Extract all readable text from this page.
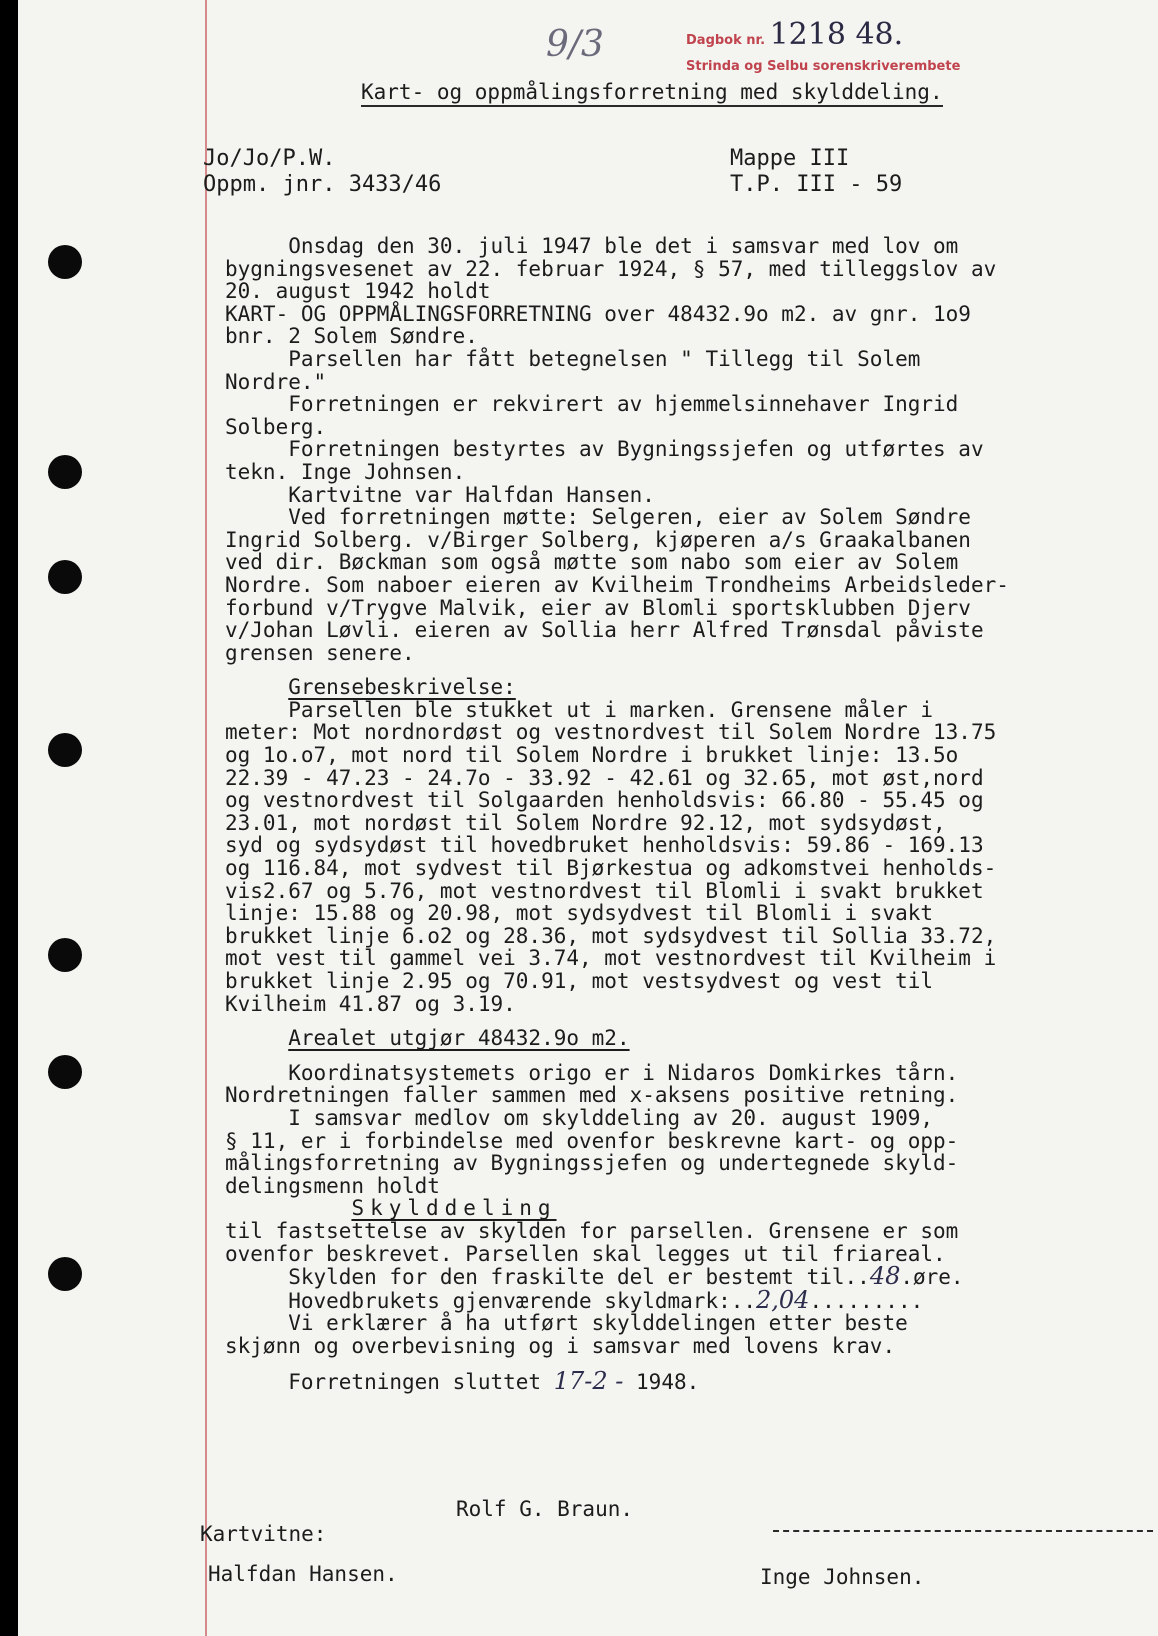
9/3	Dagbok nr. 1218 48.
Strinda og Selbu sorenskriverembete
Kart- og oppmålingsforretning med skylddeling.
Jo/Jo/P.W.
Oppm. jnr. 3433/46
Mappe III
T.P. III - 59

Onsdag den 30. juli 1947 ble det i samsvar med lov om
bygningsvesenet av 22. februar 1924, § 57, med tilleggslov av
20. august 1942 holdt
KART- OG OPPMÅLINGSFORRETNING over 48432.9o m2. av gnr. 1o9
bnr. 2 Solem Søndre.

Parsellen har fått betegnelsen " Tillegg til Solem
Nordre."

Forretningen er rekvirert av hjemmelsinnehaver Ingrid
Solberg.

Forretningen bestyrtes av Bygningssjefen og utførtes av
tekn. Inge Johnsen.

Kartvitne var Halfdan Hansen.

Ved forretningen møtte: Selgeren, eier av Solem Søndre
Ingrid Solberg. v/Birger Solberg, kjøperen a/s Graakalbanen
ved dir. Bøckman som også møtte som nabo som eier av Solem
Nordre. Som naboer eieren av Kvilheim Trondheims Arbeidsleder-
forbund v/Trygve Malvik, eier av Blomli sportsklubben Djerv
v/Johan Løvli. eieren av Sollia herr Alfred Trønsdal påviste
grensen senere.

Grensebeskrivelse:

Parsellen ble stukket ut i marken. Grensene måler i
meter: Mot nordnordøst og vestnordvest til Solem Nordre 13.75
og 1o.o7, mot nord til Solem Nordre i brukket linje: 13.5o
22.39 - 47.23 - 24.7o - 33.92 - 42.61 og 32.65, mot øst,nord
og vestnordvest til Solgaarden henholdsvis: 66.80 - 55.45 og
23.01, mot nordøst til Solem Nordre 92.12, mot sydsydøst,
syd og sydsydøst til hovedbruket henholdsvis: 59.86 - 169.13
og 116.84, mot sydvest til Bjørkestua og adkomstvei henholds-
vis2.67 og 5.76, mot vestnordvest til Blomli i svakt brukket
linje: 15.88 og 20.98, mot sydsydvest til Blomli i svakt
brukket linje 6.o2 og 28.36, mot sydsydvest til Sollia 33.72,
mot vest til gammel vei 3.74, mot vestnordvest til Kvilheim i
brukket linje 2.95 og 70.91, mot vestsydvest og vest til
Kvilheim 41.87 og 3.19.

Arealet utgjør 48432.9o m2.

Koordinatsystemets origo er i Nidaros Domkirkes tårn.
Nordretningen faller sammen med x-aksens positive retning.
I samsvar medlov om skylddeling av 20. august 1909,
§ 11, er i forbindelse med ovenfor beskrevne kart- og opp-
målingsforretning av Bygningssjefen og undertegnede skyld-
delingsmenn holdt

Skylddeling

til fastsettelse av skylden for parsellen. Grensene er som
ovenfor beskrevet. Parsellen skal legges ut til friareal.

Skylden for den fraskilte del er bestemt til..48.øre.

Hovedbrukets gjenværende skyldmark:..2,04.........

Vi erklærer å ha utført skylddelingen etter beste
skjønn og overbevisning og i samsvar med lovens krav.

Forretningen sluttet 17-2 - 1948.

Rolf G. Braun.
Kartvitne:
Halfdan Hansen.	Inge Johnsen.
